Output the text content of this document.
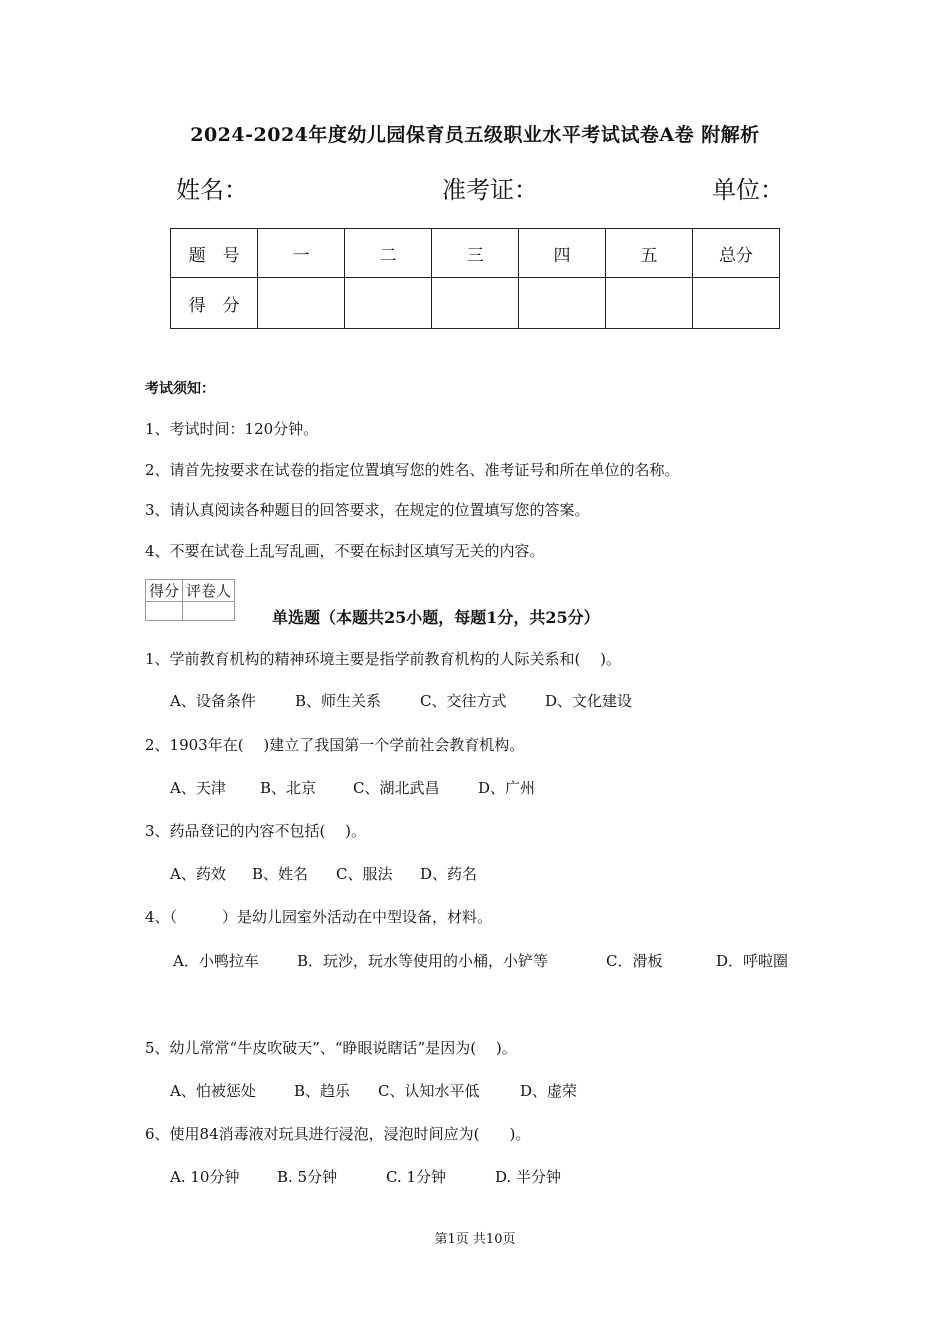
2024-2024年度幼儿园保育员五级职业水平考试试卷A卷 附解析
姓名：	准考证：	单位：
题　号	一	二	三	四	五	总分
得　分						
考试须知：
1、考试时间：120分钟。
2、请首先按要求在试卷的指定位置填写您的姓名、准考证号和所在单位的名称。
3、请认真阅读各种题目的回答要求，在规定的位置填写您的答案。
4、不要在试卷上乱写乱画，不要在标封区填写无关的内容。
得分	评卷人

单选题（本题共25小题，每题1分，共25分）
1、学前教育机构的精神环境主要是指学前教育机构的人际关系和(　 )。
A、设备条件	B、师生关系	C、交往方式	D、文化建设
2、1903年在(　 )建立了我国第一个学前社会教育机构。
A、天津 B、北京 C、湖北武昌	D、广州
3、药品登记的内容不包括(　 )。
A、药效 B、姓名 C、服法 D、药名
4、（　　　）是幼儿园室外活动在中型设备，材料。
A．小鸭拉车	B．玩沙，玩水等使用的小桶，小铲等	C．滑板	D．呼啦圈
5、幼儿常常“牛皮吹破天”、“睁眼说瞎话”是因为(　 )。
A、怕被惩处	B、趋乐 C、认知水平低	D、虚荣
6、使用84消毒液对玩具进行浸泡，浸泡时间应为(　　)。
A. 10分钟	B. 5分钟	C. 1分钟	D. 半分钟
第1页 共10页
